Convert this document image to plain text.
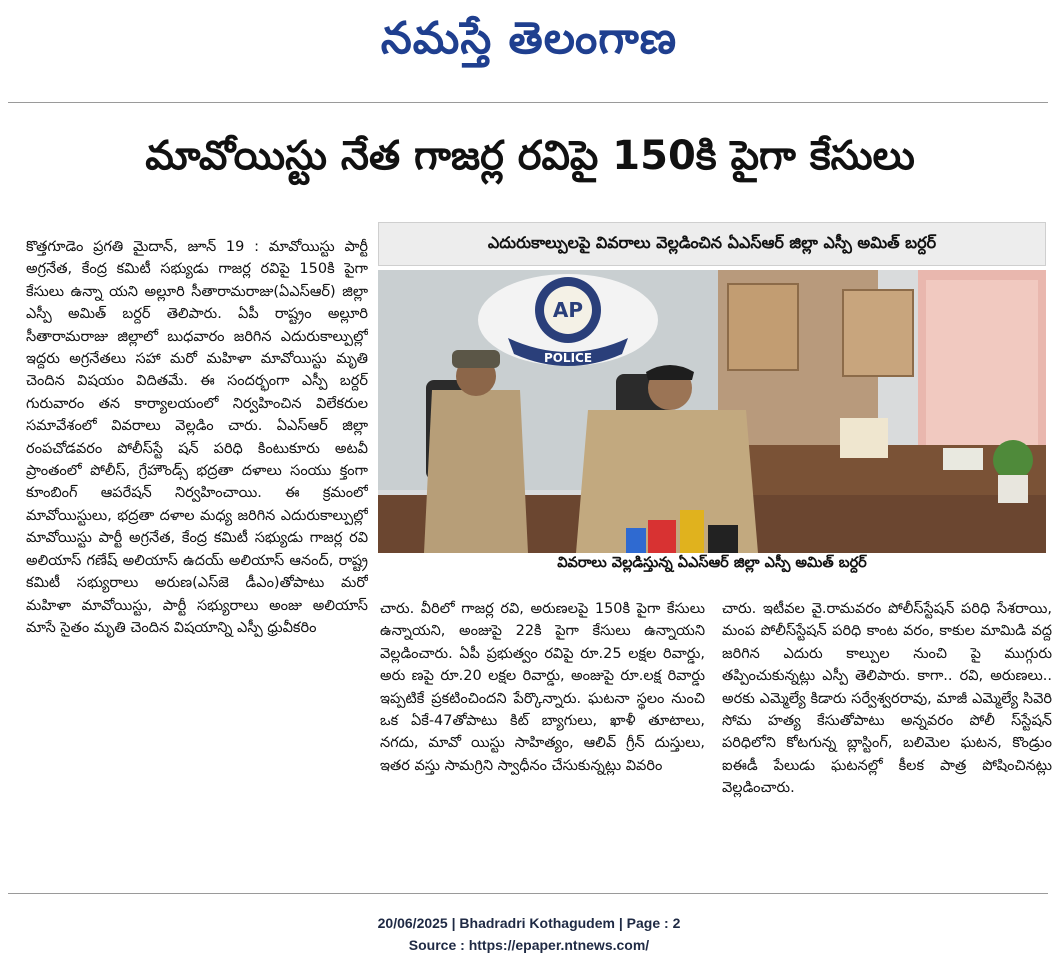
నమస్తే తెలంగాణ
మావోయిస్టు నేత గాజర్ల రవిపై 150కి పైగా కేసులు

కొత్తగూడెం ప్రగతి మైదాన్, జూన్ 19 : మావోయిస్టు పార్టీ అగ్రనేత, కేంద్ర కమిటీ సభ్యుడు గాజర్ల రవిపై 150కి పైగా కేసులు ఉన్నా యని అల్లూరి సీతారామరాజు(ఏఎస్‌ఆర్) జిల్లా ఎస్పీ అమిత్ బర్దర్ తెలిపారు. ఏపీ రాష్ట్రం అల్లూరి సీతారామరాజు జిల్లాలో బుధవారం జరిగిన ఎదురుకాల్పుల్లో ఇద్దరు అగ్రనేతలు సహా మరో మహిళా మావోయిస్టు మృతి చెందిన విషయం విదితమే. ఈ సందర్భంగా ఎస్పీ బర్దర్ గురువారం తన కార్యాలయంలో నిర్వహించిన విలేకరుల సమావేశంలో వివరాలు వెల్లడిం చారు. ఏఎస్‌ఆర్ జిల్లా రంపచోడవరం పోలీస్‌స్టే షన్ పరిధి కింటుకూరు అటవీ ప్రాంతంలో పోలీస్, గ్రేహౌండ్స్ భద్రతా దళాలు సంయు క్తంగా కూంబింగ్ ఆపరేషన్ నిర్వహించాయి. ఈ క్రమంలో మావోయిస్టులు, భద్రతా దళాల మధ్య జరిగిన ఎదురుకాల్పుల్లో మావోయిస్టు పార్టీ అగ్రనేత, కేంద్ర కమిటీ సభ్యుడు గాజర్ల రవి అలియాస్ గణేష్ అలియాస్ ఉదయ్ అలియాస్ ఆనంద్, రాష్ట్ర కమిటీ సభ్యురాలు అరుణ(ఎస్‌జె డీఎం)తోపాటు మరో మహిళా మావోయిస్టు, పార్టీ సభ్యురాలు అంజు అలియాస్ మాసే సైతం మృతి చెందిన విషయాన్ని ఎస్పీ ధ్రువీకరిం

ఎదురుకాల్పులపై వివరాలు వెల్లడించిన ఏఎస్‌ఆర్ జిల్లా ఎస్పీ అమిత్ బర్దర్
AP
POLICE
వివరాలు వెల్లడిస్తున్న ఏఎస్‌ఆర్ జిల్లా ఎస్పీ అమిత్ బర్దర్

చారు. వీరిలో గాజర్ల రవి, అరుణలపై 150కి పైగా కేసులు ఉన్నాయని, అంజుపై 22కి పైగా కేసులు ఉన్నాయని వెల్లడించారు. ఏపీ ప్రభుత్వం రవిపై రూ.25 లక్షల రివార్డు, అరు ణపై రూ.20 లక్షల రివార్డు, అంజుపై రూ.లక్ష రివార్డు ఇప్పటికే ప్రకటించిందని పేర్కొన్నారు. ఘటనా స్థలం నుంచి ఒక ఏకే-47తోపాటు కిట్ బ్యాగులు, ఖాళీ తూటాలు, నగదు, మావో యిస్టు సాహిత్యం, ఆలివ్ గ్రీన్ దుస్తులు, ఇతర వస్తు సామగ్రిని స్వాధీనం చేసుకున్నట్లు వివరిం

చారు. ఇటీవల వై.రామవరం పోలీస్‌స్టేషన్ పరిధి సేశరాయి, మంప పోలీస్‌స్టేషన్ పరిధి కాంట వరం, కాకుల మామిడి వద్ద జరిగిన ఎదురు కాల్పుల నుంచి పై ముగ్గురు తప్పించుకున్నట్లు ఎస్పీ తెలిపారు. కాగా.. రవి, అరుణలు.. అరకు ఎమ్మెల్యే కిడారు సర్వేశ్వరరావు, మాజీ ఎమ్మెల్యే సివెరి సోమ హత్య కేసుతోపాటు అన్నవరం పోలీ స్‌స్టేషన్ పరిధిలోని కోటగున్న బ్లాస్టింగ్, బలిమెల ఘటన, కొండ్రుం ఐఈడీ పేలుడు ఘటనల్లో కీలక పాత్ర పోషించినట్లు వెల్లడించారు.

20/06/2025 | Bhadradri Kothagudem | Page : 2
Source : https://epaper.ntnews.com/
